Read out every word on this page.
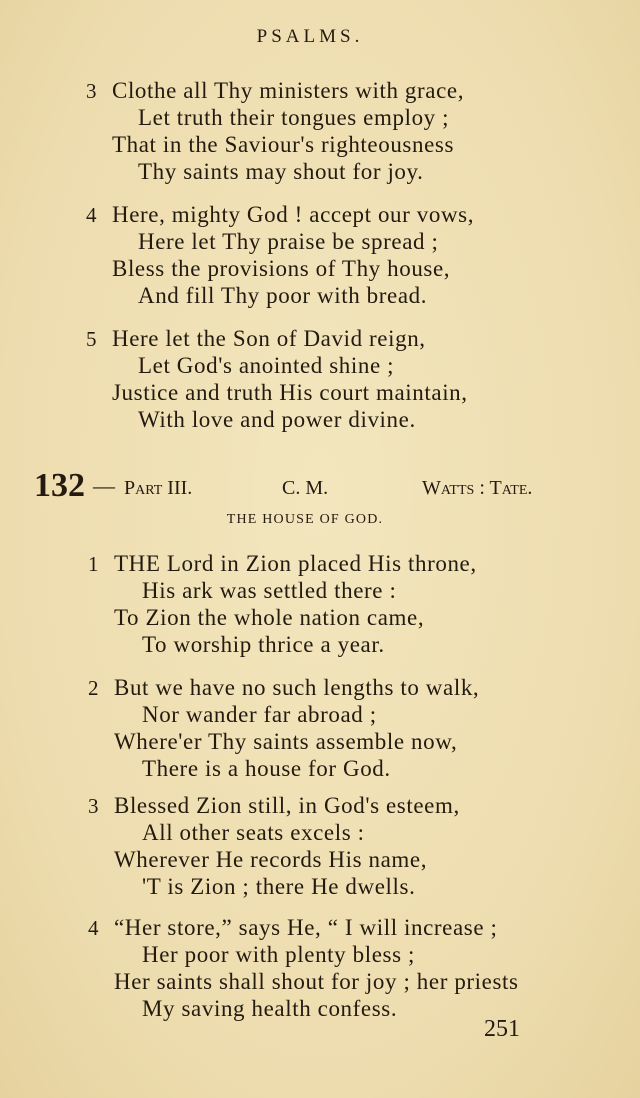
PSALMS.
3 Clothe all Thy ministers with grace,
Let truth their tongues employ ;
That in the Saviour's righteousness
Thy saints may shout for joy.
4 Here, mighty God ! accept our vows,
Here let Thy praise be spread ;
Bless the provisions of Thy house,
And fill Thy poor with bread.
5 Here let the Son of David reign,
Let God's anointed shine ;
Justice and truth His court maintain,
With love and power divine.
132 — Part III.	C. M.	Watts : Tate.
THE HOUSE OF GOD.
1 THE Lord in Zion placed His throne,
His ark was settled there :
To Zion the whole nation came,
To worship thrice a year.
2 But we have no such lengths to walk,
Nor wander far abroad ;
Where'er Thy saints assemble now,
There is a house for God.
3 Blessed Zion still, in God's esteem,
All other seats excels :
Wherever He records His name,
'T is Zion ; there He dwells.
4 “Her store,” says He, “ I will increase ;
Her poor with plenty bless ;
Her saints shall shout for joy ; her priests
My saving health confess.
251
